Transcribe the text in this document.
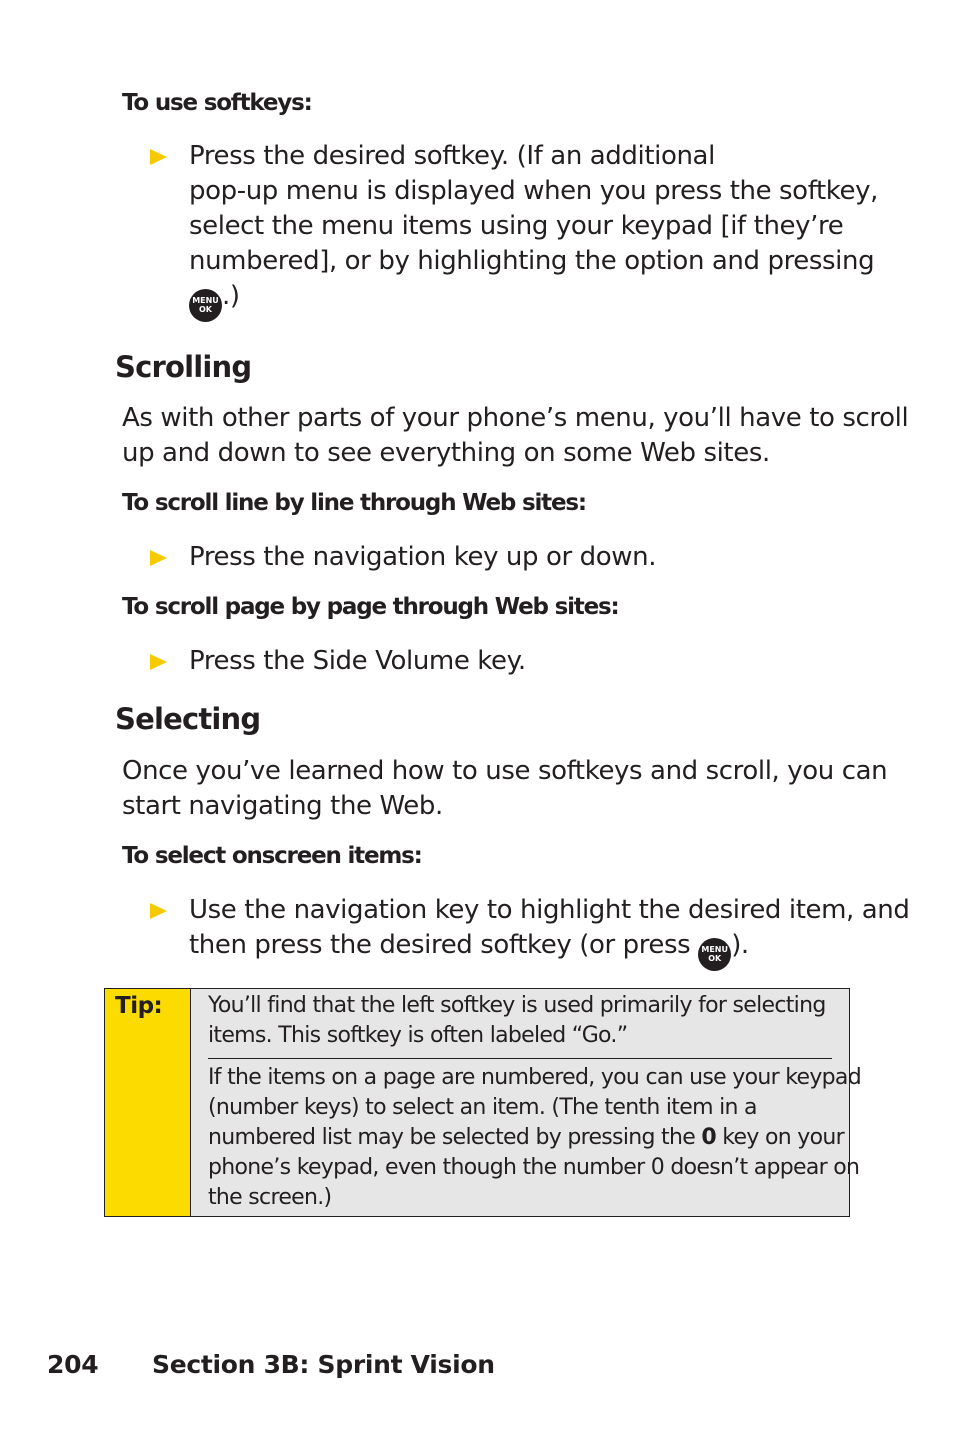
To use softkeys:
Press the desired softkey. (If an additional
pop-up menu is displayed when you press the softkey,
select the menu items using your keypad [if they’re
numbered], or by highlighting the option and pressing
MENU
OK .)
Scrolling
As with other parts of your phone’s menu, you’ll have to scroll
up and down to see everything on some Web sites.
To scroll line by line through Web sites:
Press the navigation key up or down.
To scroll page by page through Web sites:
Press the Side Volume key.
Selecting
Once you’ve learned how to use softkeys and scroll, you can
start navigating the Web.
To select onscreen items:
Use the navigation key to highlight the desired item, and
then press the desired softkey (or press MENU
OK ).
Tip: You’ll find that the left softkey is used primarily for selecting
items. This softkey is often labeled “Go.”
If the items on a page are numbered, you can use your keypad
(number keys) to select an item. (The tenth item in a
numbered list may be selected by pressing the 0 key on your
phone’s keypad, even though the number 0 doesn’t appear on
the screen.)
204 Section 3B: Sprint Vision
